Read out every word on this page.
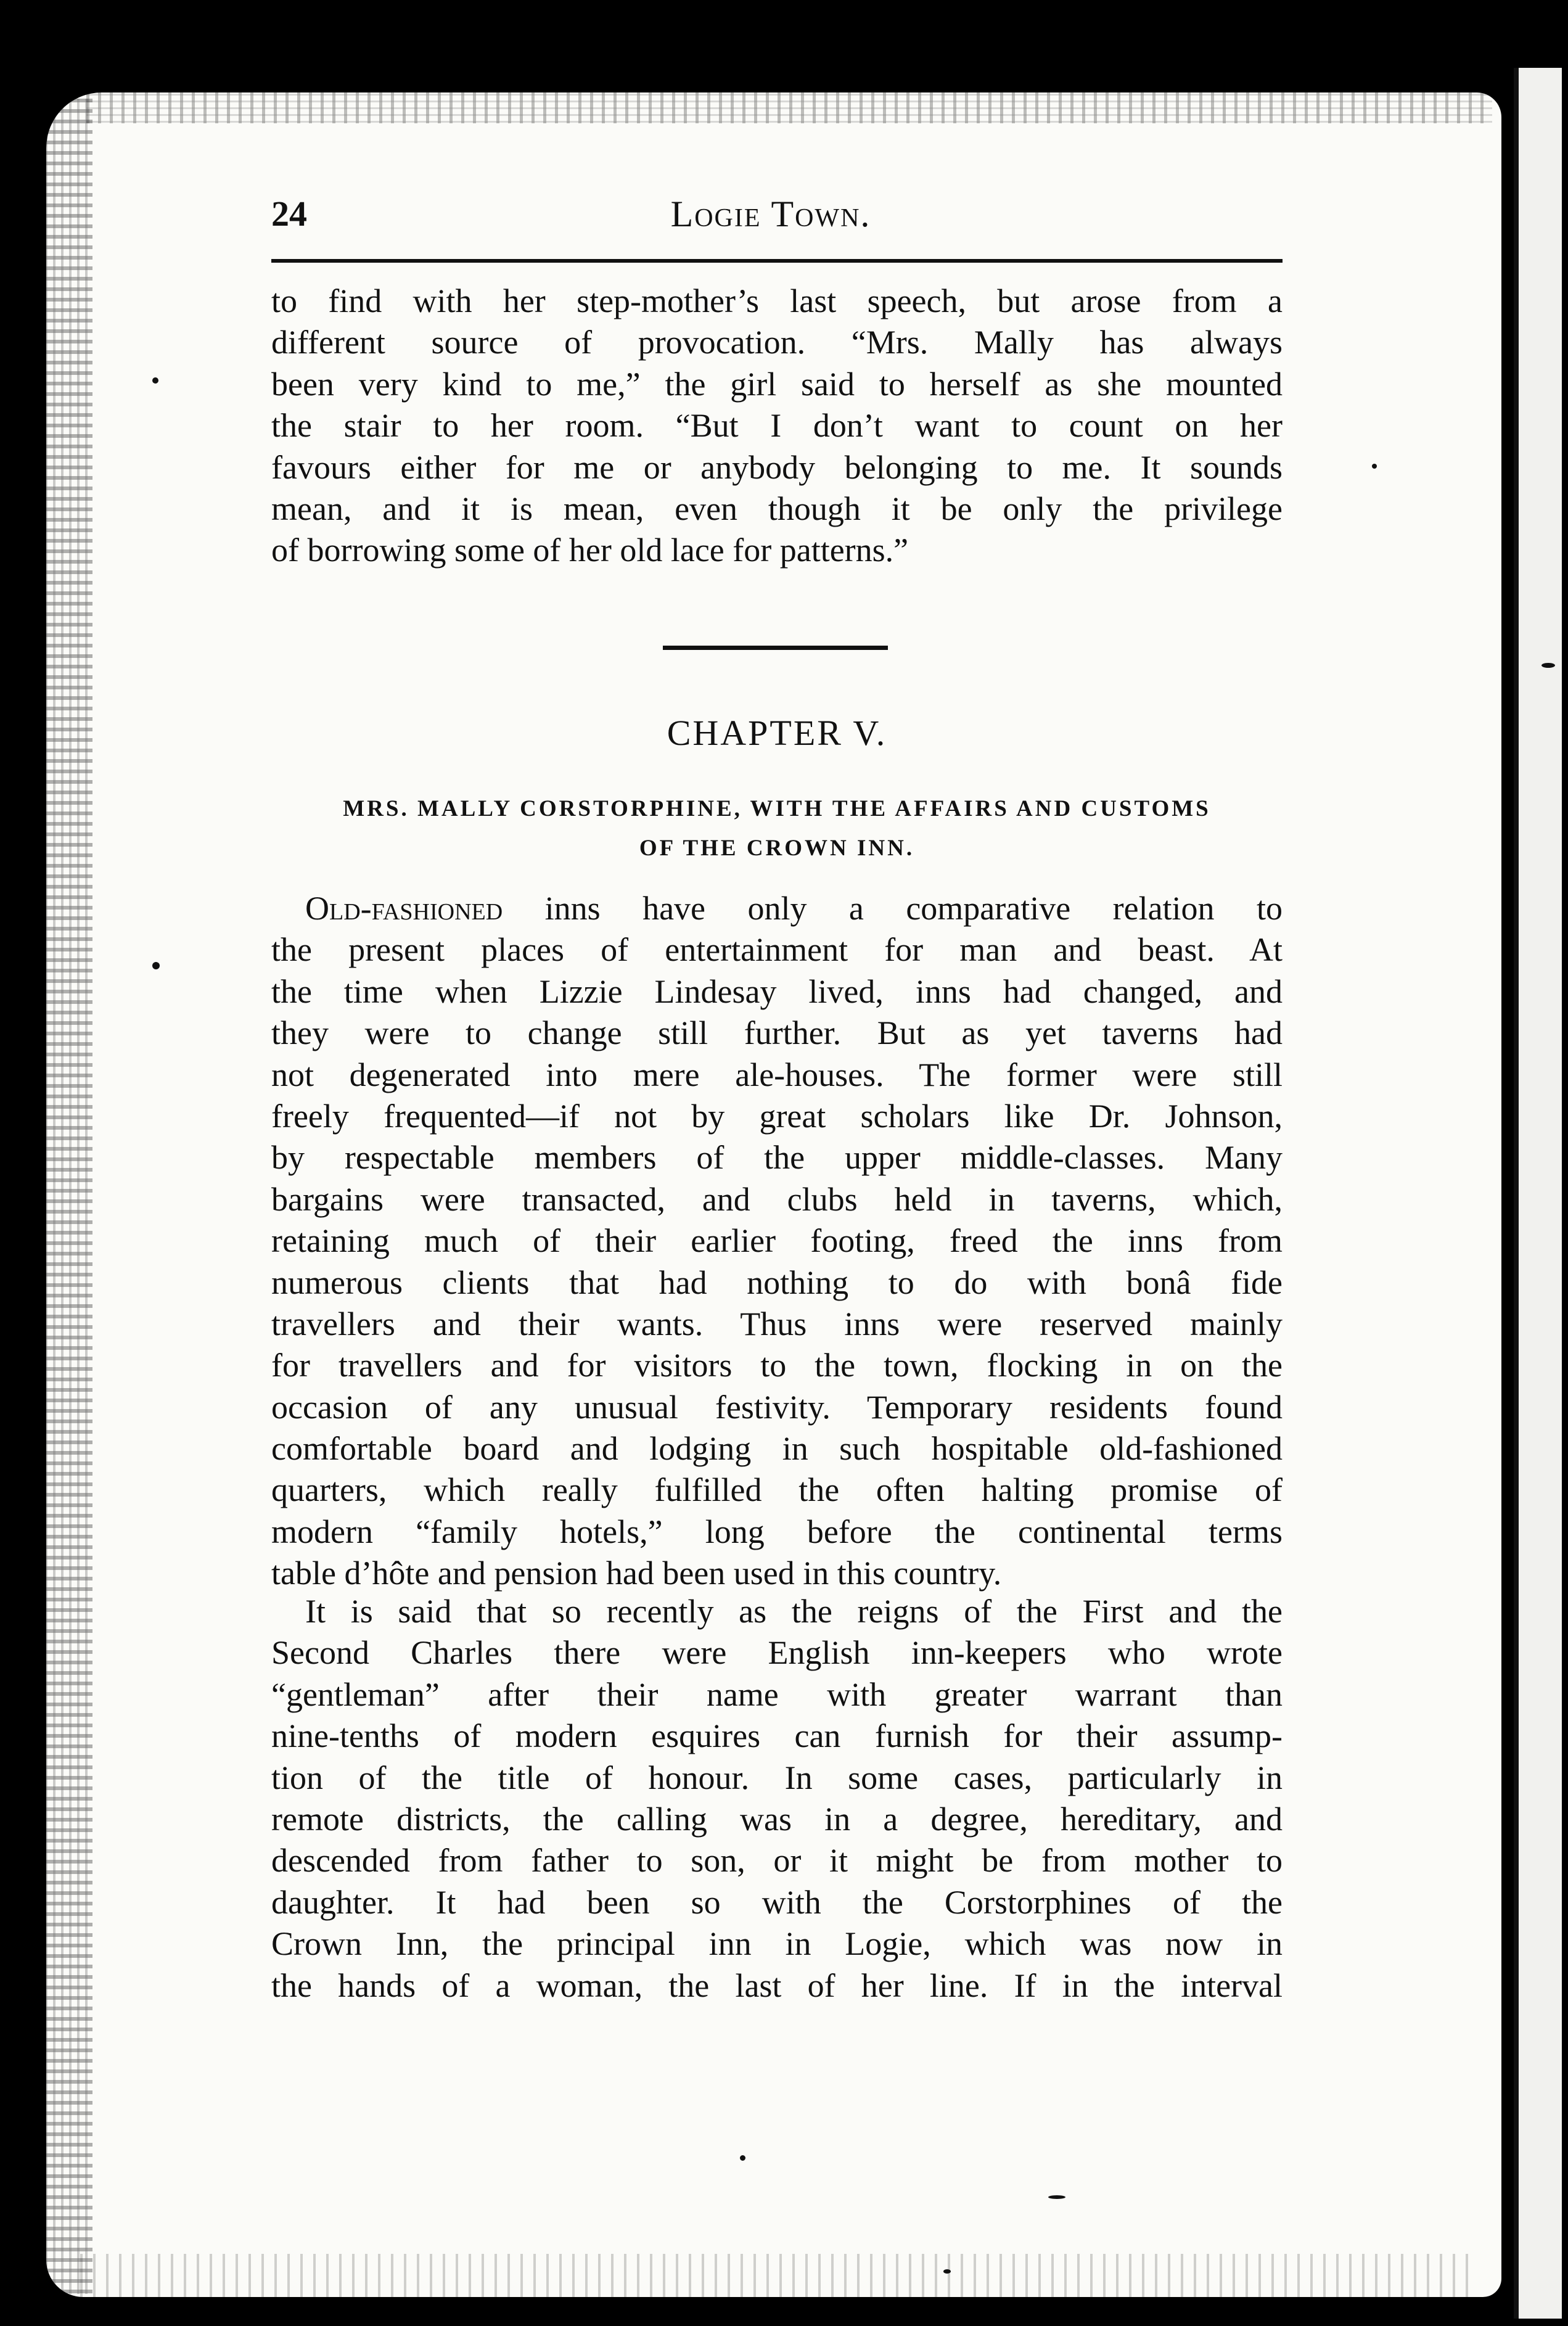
24	Logie Town.
to find with her step-mother’s last speech, but arose from a
different source of provocation. “Mrs. Mally has always
been very kind to me,” the girl said to herself as she mounted
the stair to her room. “But I don’t want to count on her
favours either for me or anybody belonging to me. It sounds
mean, and it is mean, even though it be only the privilege
of borrowing some of her old lace for patterns.”
CHAPTER V.
MRS. MALLY CORSTORPHINE, WITH THE AFFAIRS AND CUSTOMS
OF THE CROWN INN.
Old-fashioned inns have only a comparative relation to
the present places of entertainment for man and beast. At
the time when Lizzie Lindesay lived, inns had changed, and
they were to change still further. But as yet taverns had
not degenerated into mere ale-houses. The former were still
freely frequented—if not by great scholars like Dr. Johnson,
by respectable members of the upper middle-classes. Many
bargains were transacted, and clubs held in taverns, which,
retaining much of their earlier footing, freed the inns from
numerous clients that had nothing to do with bonâ fide
travellers and their wants. Thus inns were reserved mainly
for travellers and for visitors to the town, flocking in on the
occasion of any unusual festivity. Temporary residents found
comfortable board and lodging in such hospitable old-fashioned
quarters, which really fulfilled the often halting promise of
modern “family hotels,” long before the continental terms
table d’hôte and pension had been used in this country.
It is said that so recently as the reigns of the First and the
Second Charles there were English inn-keepers who wrote
“gentleman” after their name with greater warrant than
nine-tenths of modern esquires can furnish for their assump-
tion of the title of honour. In some cases, particularly in
remote districts, the calling was in a degree, hereditary, and
descended from father to son, or it might be from mother to
daughter. It had been so with the Corstorphines of the
Crown Inn, the principal inn in Logie, which was now in
the hands of a woman, the last of her line. If in the interval
